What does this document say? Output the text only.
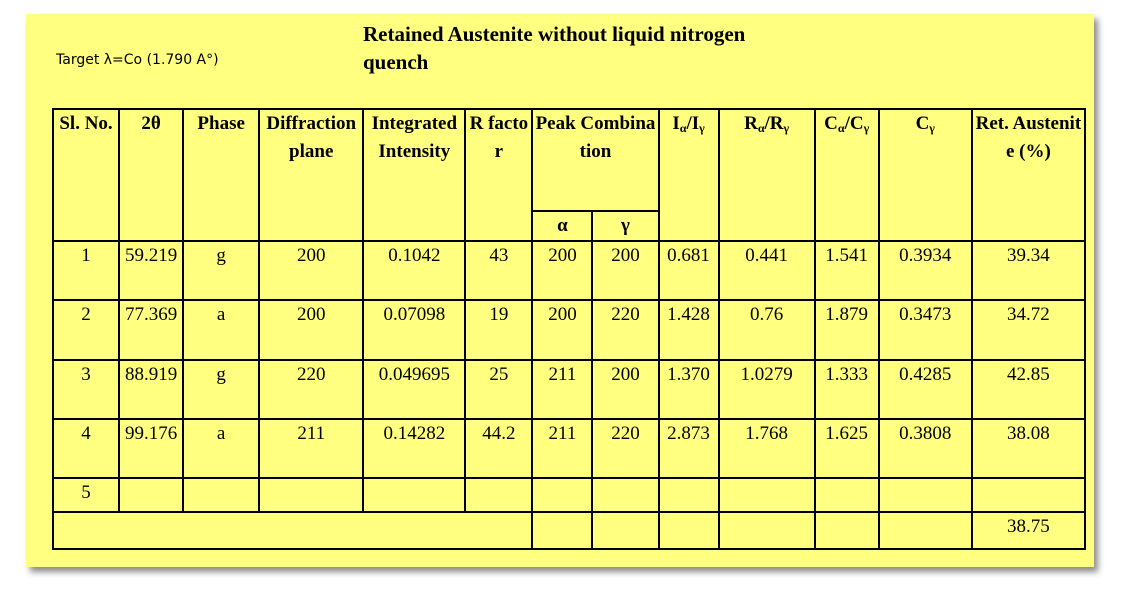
Target λ=Co (1.790 A°)
Retained Austenite without liquid nitrogen quench
Sl. No.	2θ	Phase	Diffraction plane	Integrated Intensity	R factor	Peak Combination		$I_\alpha/I_\gamma$	$R_\alpha/R_\gamma$	$C_\alpha/C_\gamma$	$C_\gamma$	Ret. Austenite (%)
						α	γ					
1	59.219	g	200	0.1042	43	200	200	0.681	0.441	1.541	0.3934	39.34
2	77.369	a	200	0.07098	19	200	220	1.428	0.76	1.879	0.3473	34.72
3	88.919	g	220	0.049695	25	211	200	1.370	1.0279	1.333	0.4285	42.85
4	99.176	a	211	0.14282	44.2	211	220	2.873	1.768	1.625	0.3808	38.08
5												
												38.75
